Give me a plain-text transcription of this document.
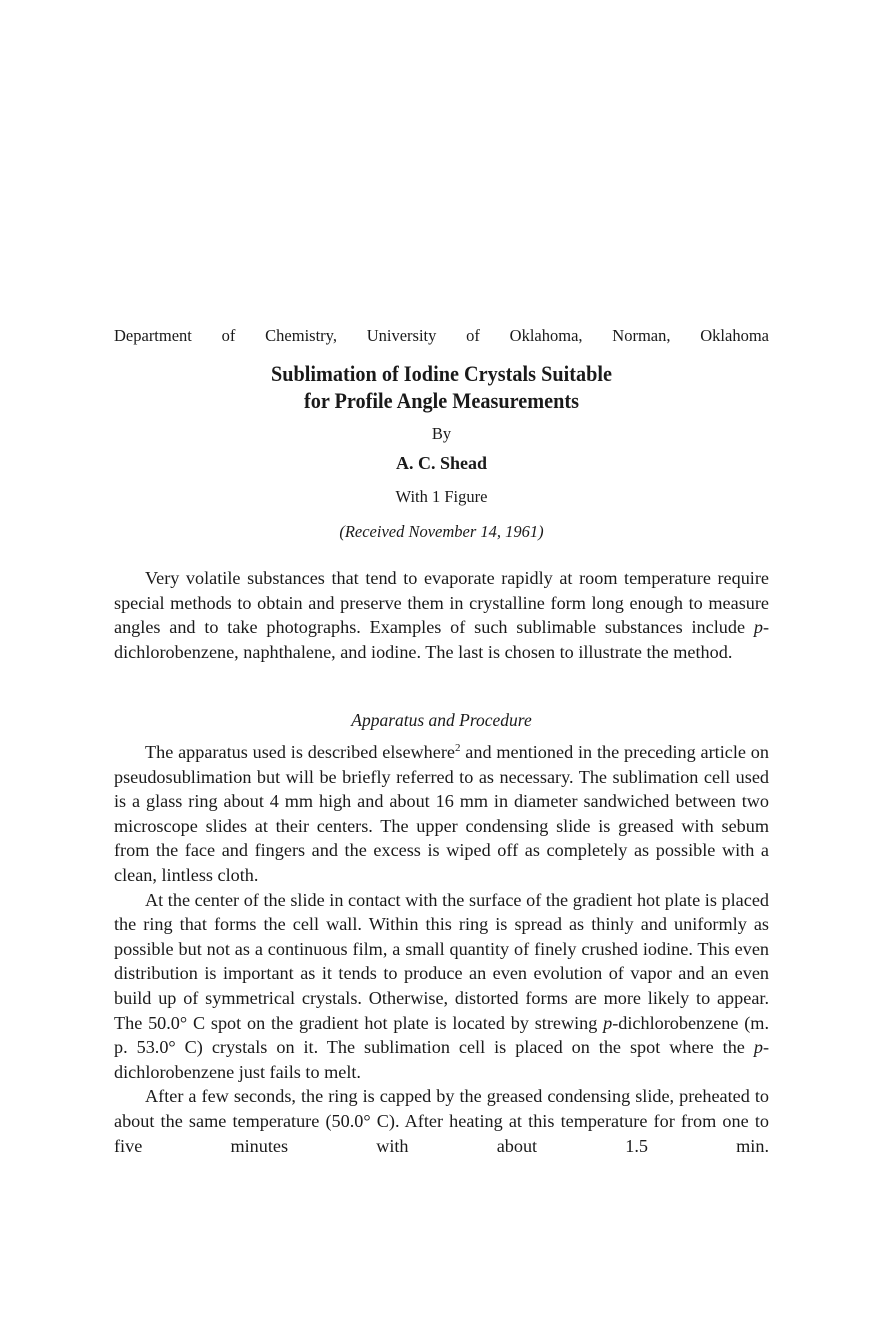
Department of Chemistry, University of Oklahoma, Norman, Oklahoma
Sublimation of Iodine Crystals Suitable
for Profile Angle Measurements
By
A. C. Shead
With 1 Figure
(Received November 14, 1961)

Very volatile substances that tend to evaporate rapidly at room temperature require special methods to obtain and preserve them in crystalline form long enough to measure angles and to take photographs. Examples of such sublimable substances include p-dichlorobenzene, naphthalene, and iodine. The last is chosen to illustrate the method.

Apparatus and Procedure

The apparatus used is described elsewhere$^2$ and mentioned in the preceding article on pseudosublimation but will be briefly referred to as necessary. The sublimation cell used is a glass ring about 4 mm high and about 16 mm in diameter sandwiched between two microscope slides at their centers. The upper condensing slide is greased with sebum from the face and fingers and the excess is wiped off as completely as possible with a clean, lintless cloth.

At the center of the slide in contact with the surface of the gradient hot plate is placed the ring that forms the cell wall. Within this ring is spread as thinly and uniformly as possible but not as a continuous film, a small quantity of finely crushed iodine. This even distribution is important as it tends to produce an even evolution of vapor and an even build up of symmetrical crystals. Otherwise, distorted forms are more likely to appear. The 50.0° C spot on the gradient hot plate is located by strewing p-dichlorobenzene (m. p. 53.0° C) crystals on it. The sublimation cell is placed on the spot where the p-dichlorobenzene just fails to melt.

After a few seconds, the ring is capped by the greased condensing slide, preheated to about the same temperature (50.0° C). After heating at this temperature for from one to five minutes with about 1.5 min.
